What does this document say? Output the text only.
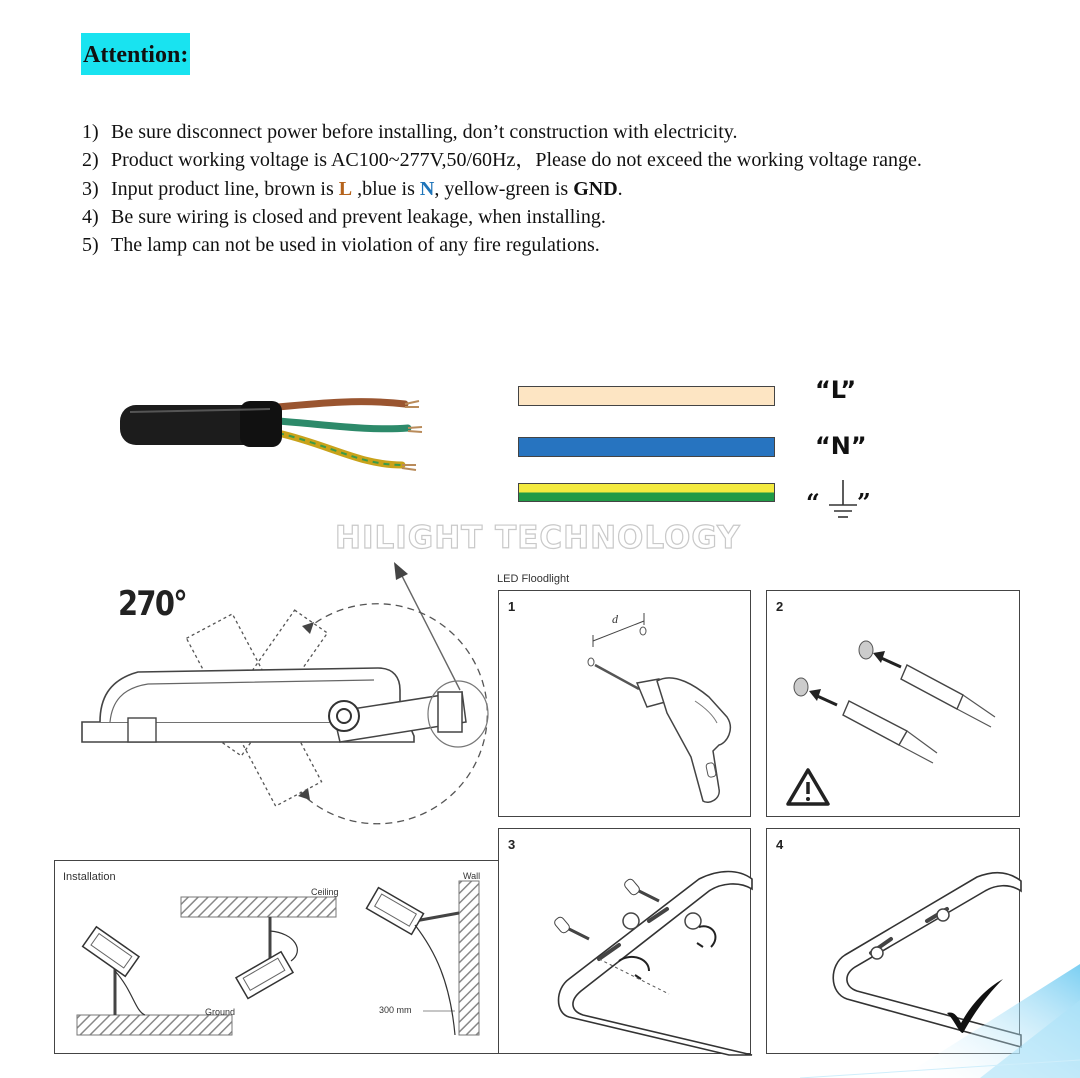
Attention:
1) Be sure disconnect power before installing, don’t construction with electricity.
2) Product working voltage is AC100~277V,50/60Hz，Please do not exceed the working voltage range.
3) Input product line, brown is L ,blue is N, yellow-green is GND.
4) Be sure wiring is closed and prevent leakage, when installing.
5) The lamp can not be used in violation of any fire regulations.
“L”
“N”
“ ”
HILIGHT TECHNOLOGY
270°
LED Floodlight
1
d
2
Installation
Ground
Ceiling
Wall
300 mm
3	4
